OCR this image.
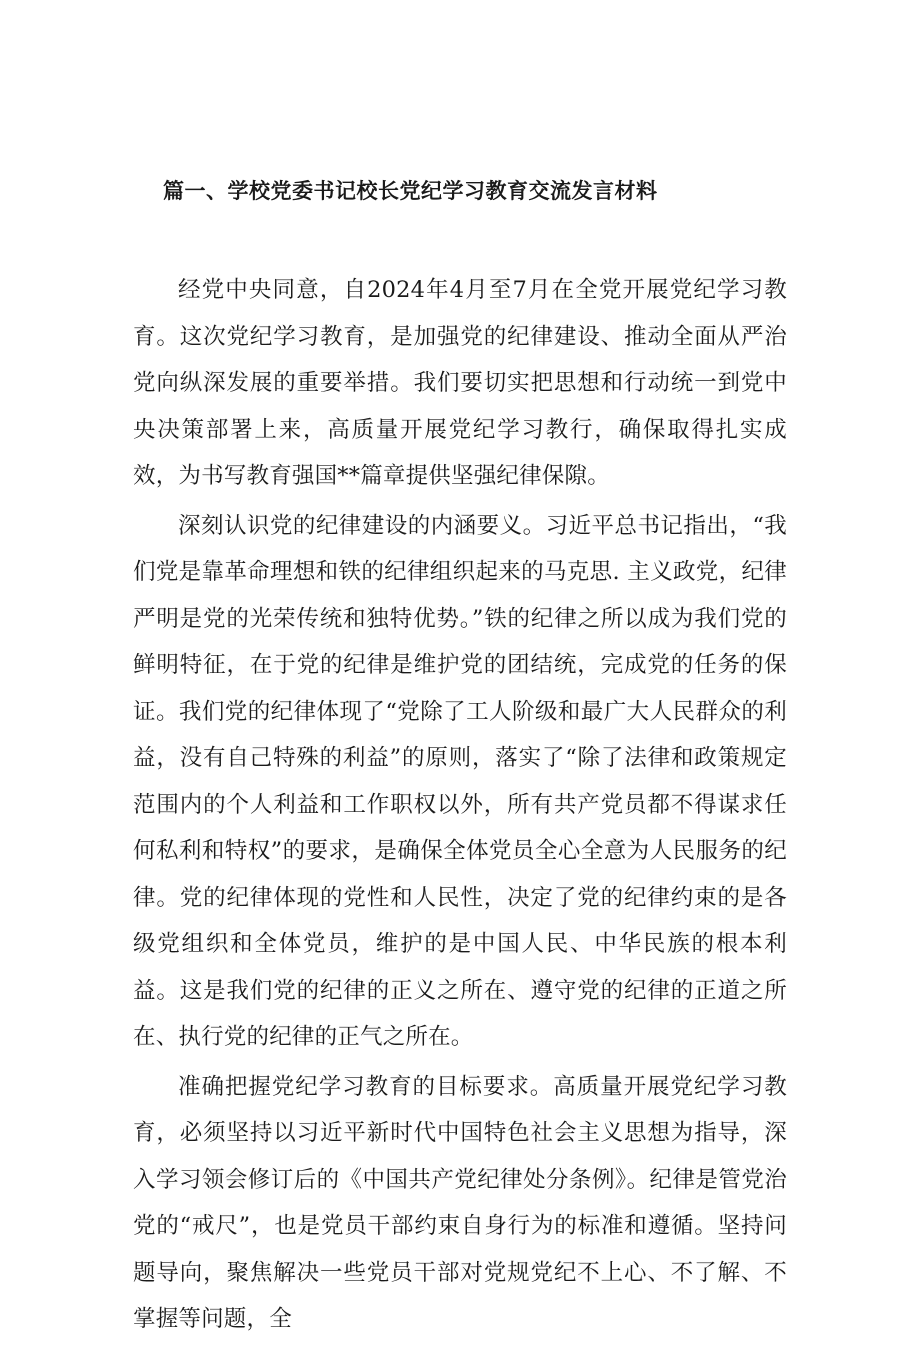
篇一、学校党委书记校长党纪学习教育交流发言材料

经党中央同意，自2024年4月至7月在全党开展党纪学习教育。这次党纪学习教育，是加强党的纪律建设、推动全面从严治党向纵深发展的重要举措。我们要切实把思想和行动统一到党中央决策部署上来，高质量开展党纪学习教行，确保取得扎实成效，为书写教育强国**篇章提供坚强纪律保隙。

深刻认识党的纪律建设的内涵要义。习近平总书记指出，“我们党是靠革命理想和铁的纪律组织起来的马克思. 主义政党，纪律严明是党的光荣传统和独特优势。”铁的纪律之所以成为我们党的鲜明特征，在于党的纪律是维护党的团结统，完成党的任务的保证。我们党的纪律体现了“党除了工人阶级和最广大人民群众的利益，没有自己特殊的利益”的原则，落实了“除了法律和政策规定范围内的个人利益和工作职权以外，所有共产党员都不得谋求任何私利和特权”的要求，是确保全体党员全心全意为人民服务的纪律。党的纪律体现的党性和人民性，决定了党的纪律约束的是各级党组织和全体党员，维护的是中国人民、中华民族的根本利益。这是我们党的纪律的正义之所在、遵守党的纪律的正道之所在、执行党的纪律的正气之所在。

准确把握党纪学习教育的目标要求。高质量开展党纪学习教育，必须坚持以习近平新时代中国特色社会主义思想为指导，深入学习领会修订后的《中国共产党纪律处分条例》。纪律是管党治党的“戒尺”，也是党员干部约束自身行为的标准和遵循。坚持问题导向，聚焦解决一些党员干部对党规党纪不上心、不了解、不掌握等问题，全
